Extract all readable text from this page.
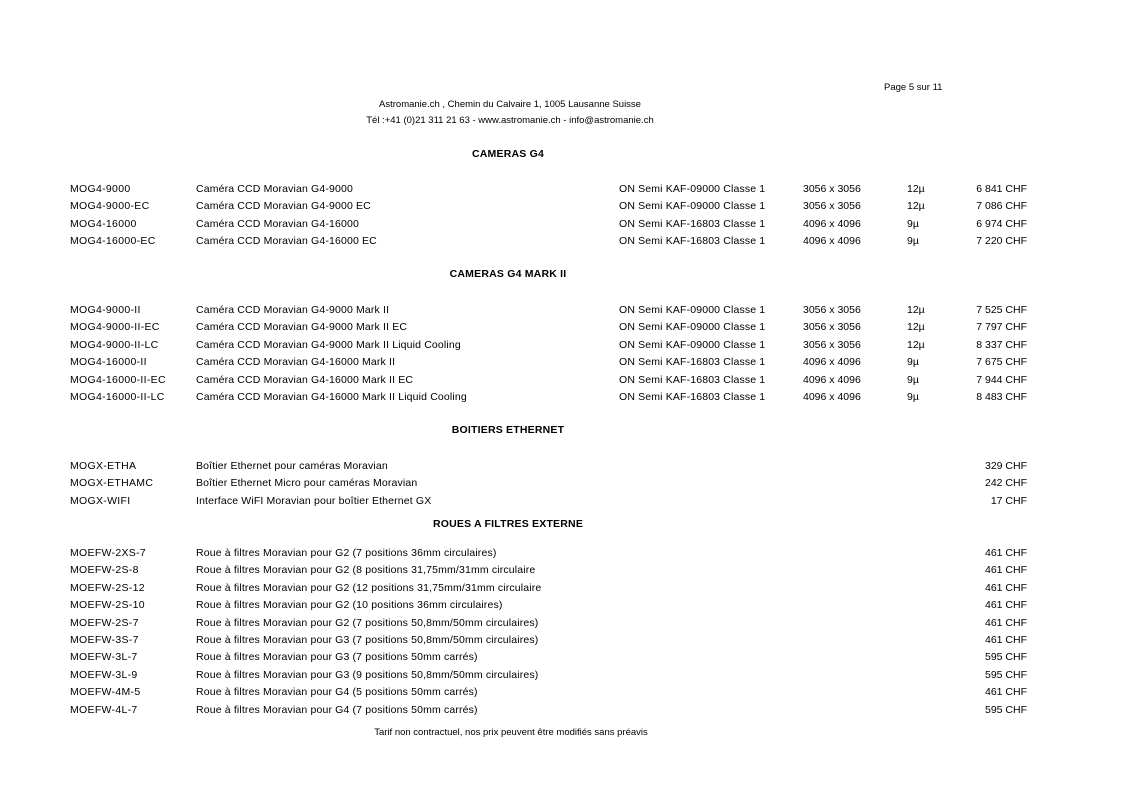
Page 5 sur 11
Astromanie.ch , Chemin du Calvaire 1, 1005 Lausanne Suisse
Tél :+41 (0)21 311 21 63 - www.astromanie.ch - info@astromanie.ch
CAMERAS G4
MOG4-9000	Caméra CCD Moravian G4-9000	ON Semi KAF-09000 Classe 1	3056 x 3056	12µ	6 841 CHF
MOG4-9000-EC	Caméra CCD Moravian G4-9000 EC	ON Semi KAF-09000 Classe 1	3056 x 3056	12µ	7 086 CHF
MOG4-16000	Caméra CCD Moravian G4-16000	ON Semi KAF-16803 Classe 1	4096 x 4096	9µ	6 974 CHF
MOG4-16000-EC	Caméra CCD Moravian G4-16000 EC	ON Semi KAF-16803 Classe 1	4096 x 4096	9µ	7 220 CHF
CAMERAS G4 MARK II
MOG4-9000-II	Caméra CCD Moravian G4-9000 Mark II	ON Semi KAF-09000 Classe 1	3056 x 3056	12µ	7 525 CHF
MOG4-9000-II-EC	Caméra CCD Moravian G4-9000 Mark II EC	ON Semi KAF-09000 Classe 1	3056 x 3056	12µ	7 797 CHF
MOG4-9000-II-LC	Caméra CCD Moravian G4-9000 Mark II Liquid Cooling	ON Semi KAF-09000 Classe 1	3056 x 3056	12µ	8 337 CHF
MOG4-16000-II	Caméra CCD Moravian G4-16000 Mark II	ON Semi KAF-16803 Classe 1	4096 x 4096	9µ	7 675 CHF
MOG4-16000-II-EC	Caméra CCD Moravian G4-16000 Mark II EC	ON Semi KAF-16803 Classe 1	4096 x 4096	9µ	7 944 CHF
MOG4-16000-II-LC	Caméra CCD Moravian G4-16000 Mark II Liquid Cooling	ON Semi KAF-16803 Classe 1	4096 x 4096	9µ	8 483 CHF
BOITIERS ETHERNET
MOGX-ETHA	Boîtier Ethernet pour caméras Moravian	329 CHF
MOGX-ETHAMC	Boîtier Ethernet Micro pour caméras Moravian	242 CHF
MOGX-WIFI	Interface WiFI Moravian pour boîtier Ethernet GX	17 CHF
ROUES A FILTRES EXTERNE
MOEFW-2XS-7	Roue à filtres Moravian pour G2 (7 positions 36mm circulaires)	461 CHF
MOEFW-2S-8	Roue à filtres Moravian pour G2 (8 positions 31,75mm/31mm circulaire	461 CHF
MOEFW-2S-12	Roue à filtres Moravian pour G2 (12 positions 31,75mm/31mm circulaire	461 CHF
MOEFW-2S-10	Roue à filtres Moravian pour G2 (10 positions 36mm circulaires)	461 CHF
MOEFW-2S-7	Roue à filtres Moravian pour G2 (7 positions 50,8mm/50mm circulaires)	461 CHF
MOEFW-3S-7	Roue à filtres Moravian pour G3 (7 positions 50,8mm/50mm circulaires)	461 CHF
MOEFW-3L-7	Roue à filtres Moravian pour G3 (7 positions 50mm carrés)	595 CHF
MOEFW-3L-9	Roue à filtres Moravian pour G3 (9 positions 50,8mm/50mm circulaires)	595 CHF
MOEFW-4M-5	Roue à filtres Moravian pour G4 (5 positions 50mm carrés)	461 CHF
MOEFW-4L-7	Roue à filtres Moravian pour G4 (7 positions 50mm carrés)	595 CHF
Tarif non contractuel, nos prix peuvent être modifiés sans préavis
